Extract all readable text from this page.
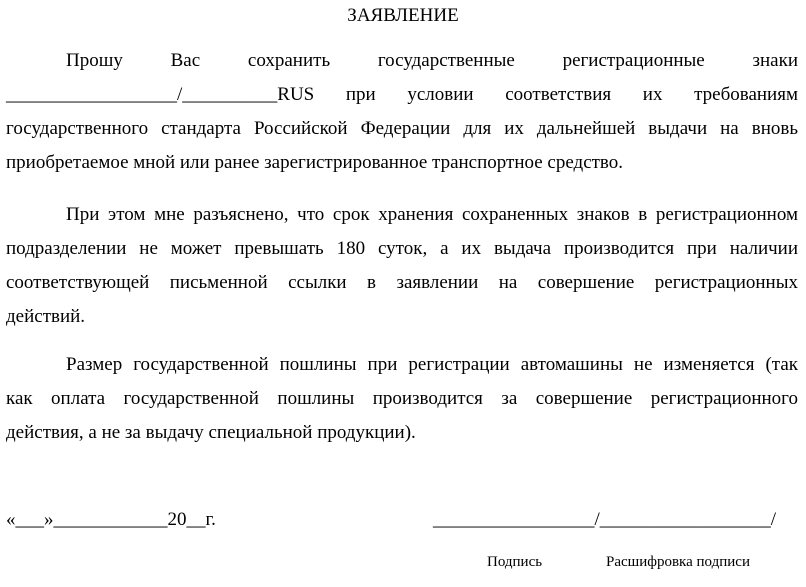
ЗАЯВЛЕНИЕ
Прошу Вас сохранить государственные регистрационные знаки
__________________/__________RUS при условии соответствия их требованиям
государственного стандарта Российской Федерации для их дальнейшей выдачи на вновь
приобретаемое мной или ранее зарегистрированное транспортное средство.
При этом мне разъяснено, что срок хранения сохраненных знаков в регистрационном
подразделении не может превышать 180 суток, а их выдача производится при наличии
соответствующей письменной ссылки в заявлении на совершение регистрационных
действий.
Размер государственной пошлины при регистрации автомашины не изменяется (так
как оплата государственной пошлины производится за совершение регистрационного
действия, а не за выдачу специальной продукции).
«___»____________20__г.	_________________/__________________/
Подпись	Расшифровка подписи
